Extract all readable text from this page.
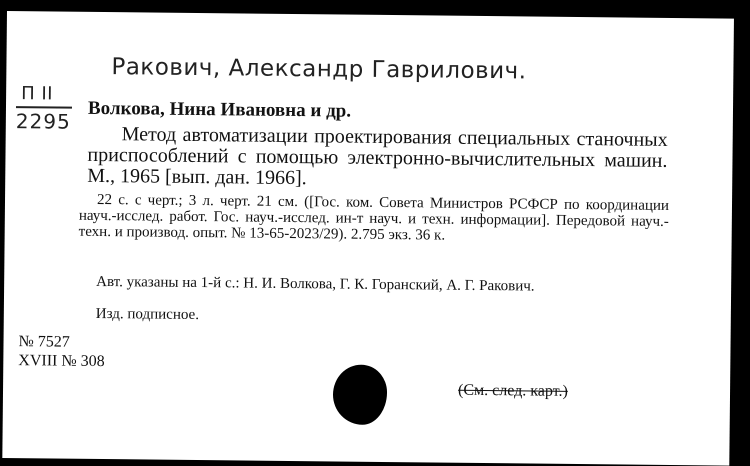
Ракович, Александр Гаврилович.
П II
2295 Волкова, Нина Ивановна и др.
Метод автоматизации проектирования специальных станочных приспособлений с помощью электронно-вычислительных машин. М., 1965 [вып. дан. 1966].
22 с. с черт.; 3 л. черт. 21 см. ([Гос. ком. Совета Министров РСФСР по координации науч.-исслед. работ. Гос. науч.-исслед. ин-т науч. и техн. информации]. Передовой науч.-техн. и производ. опыт. № 13-65-2023/29). 2.795 экз. 36 к.
Авт. указаны на 1-й с.: Н. И. Волкова, Г. К. Горанский, А. Г. Ракович.
Изд. подписное.
№ 7527
XVIII № 308
(См. след. карт.)
